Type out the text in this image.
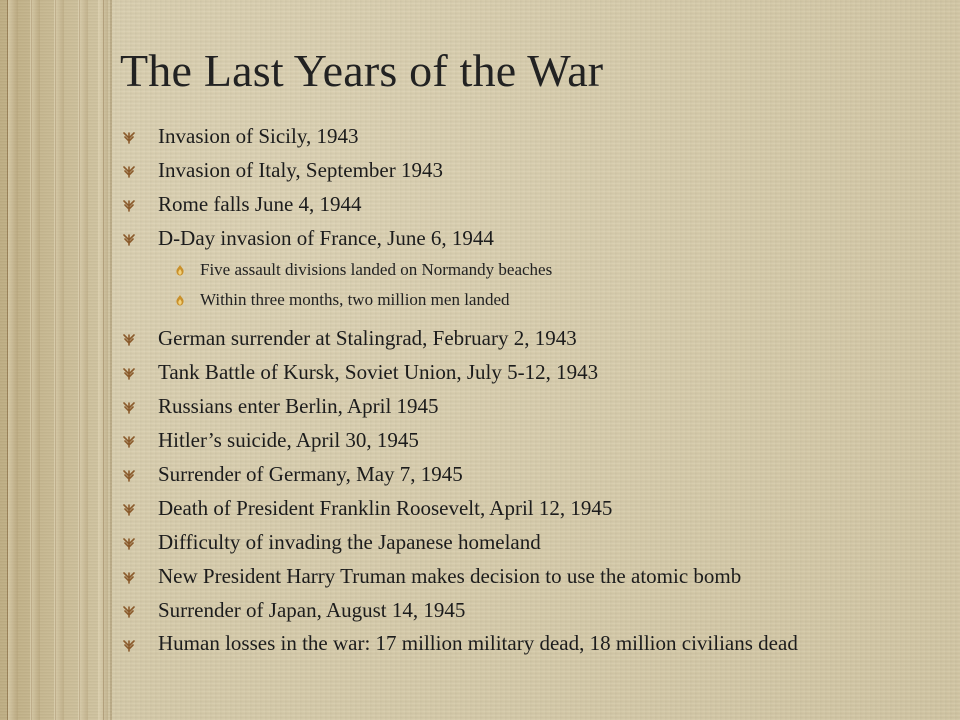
The Last Years of the War
Invasion of Sicily, 1943
Invasion of Italy, September 1943
Rome falls June 4, 1944
D-Day invasion of France, June 6, 1944
Five assault divisions landed on Normandy beaches
Within three months, two million men landed
German surrender at Stalingrad, February 2, 1943
Tank Battle of Kursk, Soviet Union, July 5-12, 1943
Russians enter Berlin, April 1945
Hitler’s suicide, April 30, 1945
Surrender of Germany, May 7, 1945
Death of President Franklin Roosevelt, April 12, 1945
Difficulty of invading the Japanese homeland
New President Harry Truman makes decision to use the atomic bomb
Surrender of Japan, August 14, 1945
Human losses in the war: 17 million military dead, 18 million civilians dead
